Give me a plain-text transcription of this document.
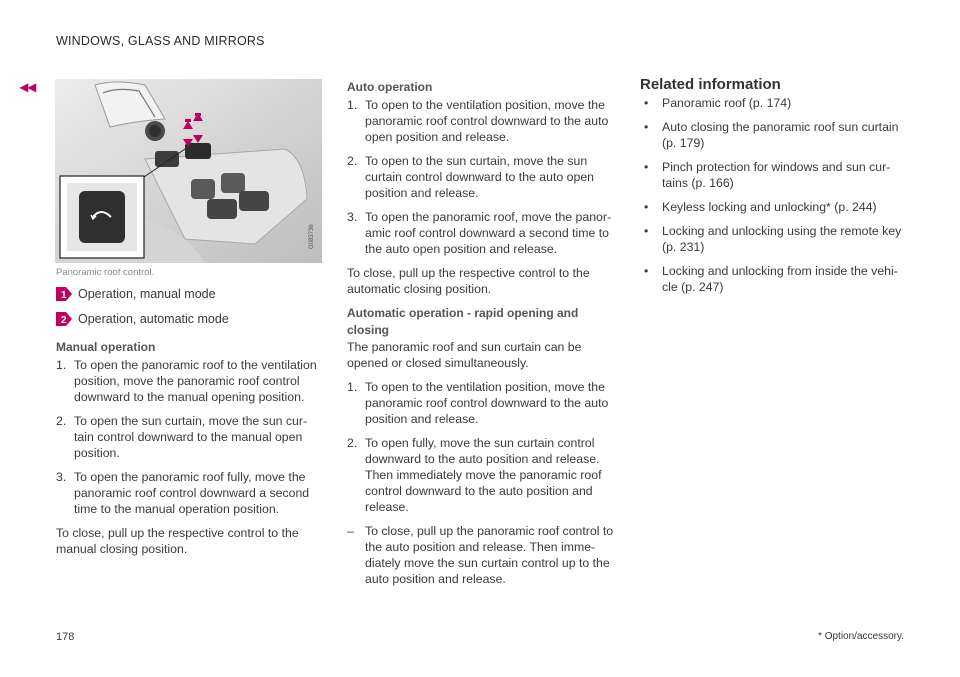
WINDOWS, GLASS AND MIRRORS
◂◂
G083736
Panoramic roof control.
1 Operation, manual mode
2 Operation, automatic mode

Manual operation

1. To open the panoramic roof to the ventilation position, move the panoramic roof control downward to the manual opening position.
2. To open the sun curtain, move the sun cur-tain control downward to the manual open position.
3. To open the panoramic roof fully, move the panoramic roof control downward a second time to the manual operation position.

To close, pull up the respective control to the manual closing position.

Auto operation

1. To open to the ventilation position, move the panoramic roof control downward to the auto open position and release.
2. To open to the sun curtain, move the sun curtain control downward to the auto open position and release.
3. To open the panoramic roof, move the panor-amic roof control downward a second time to the auto open position and release.

To close, pull up the respective control to the automatic closing position.

Automatic operation - rapid opening and closing

The panoramic roof and sun curtain can be opened or closed simultaneously.

1. To open to the ventilation position, move the panoramic roof control downward to the auto position and release.
2. To open fully, move the sun curtain control downward to the auto position and release. Then immediately move the panoramic roof control downward to the auto position and release.
– To close, pull up the panoramic roof control to the auto position and release. Then imme-diately move the sun curtain control up to the auto position and release.

Related information

• Panoramic roof (p. 174)
• Auto closing the panoramic roof sun curtain (p. 179)
• Pinch protection for windows and sun cur-tains (p. 166)
• Keyless locking and unlocking* (p. 244)
• Locking and unlocking using the remote key (p. 231)
• Locking and unlocking from inside the vehi-cle (p. 247)
178	* Option/accessory.
